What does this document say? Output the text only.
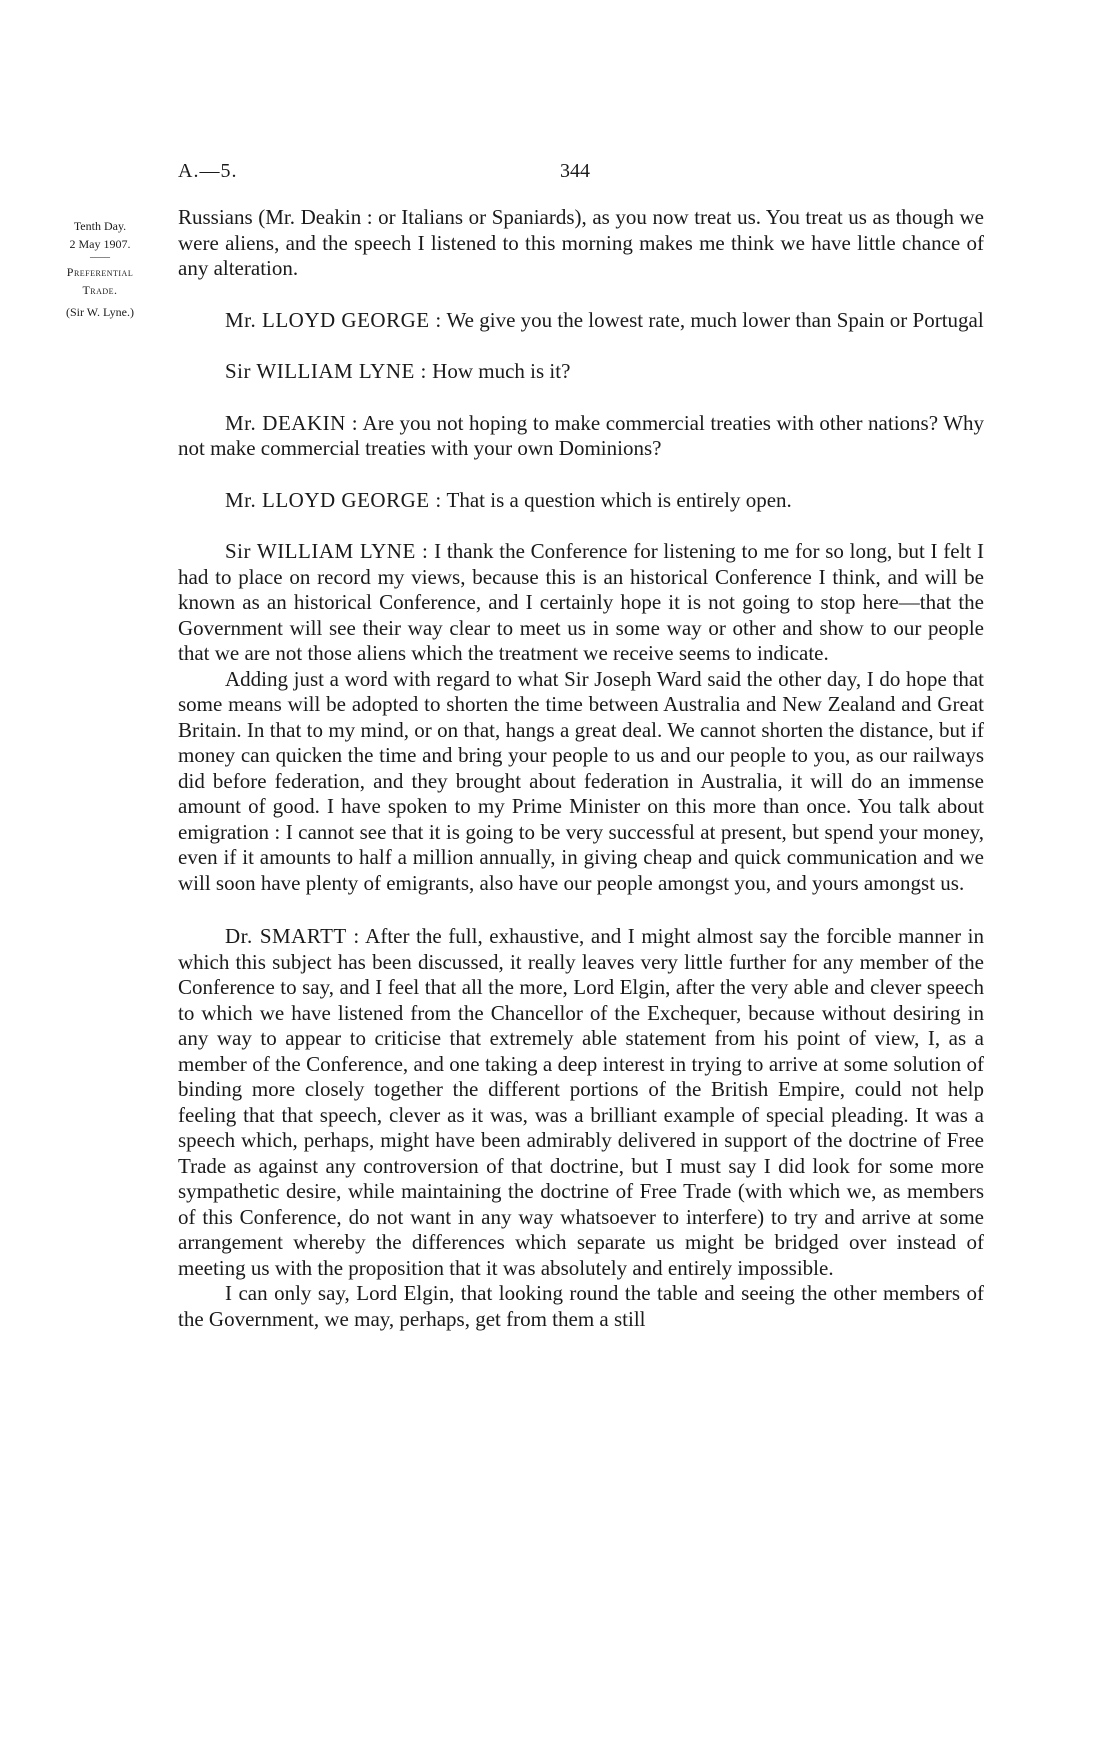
A.—5.	344
Tenth Day.
2 May 1907.
——
Preferential
Trade.
(Sir W. Lyne.)

Russians (Mr. Deakin : or Italians or Spaniards), as you now treat us. You treat us as though we were aliens, and the speech I listened to this morning makes me think we have little chance of any alteration.

Mr. LLOYD GEORGE : We give you the lowest rate, much lower than Spain or Portugal

Sir WILLIAM LYNE : How much is it?

Mr. DEAKIN : Are you not hoping to make commercial treaties with other nations? Why not make commercial treaties with your own Dominions?

Mr. LLOYD GEORGE : That is a question which is entirely open.

Sir WILLIAM LYNE : I thank the Conference for listening to me for so long, but I felt I had to place on record my views, because this is an historical Conference I think, and will be known as an historical Conference, and I certainly hope it is not going to stop here—that the Government will see their way clear to meet us in some way or other and show to our people that we are not those aliens which the treatment we receive seems to indicate.

Adding just a word with regard to what Sir Joseph Ward said the other day, I do hope that some means will be adopted to shorten the time between Australia and New Zealand and Great Britain. In that to my mind, or on that, hangs a great deal. We cannot shorten the distance, but if money can quicken the time and bring your people to us and our people to you, as our railways did before federation, and they brought about federation in Australia, it will do an immense amount of good. I have spoken to my Prime Minister on this more than once. You talk about emigration : I cannot see that it is going to be very successful at present, but spend your money, even if it amounts to half a million annually, in giving cheap and quick communication and we will soon have plenty of emigrants, also have our people amongst you, and yours amongst us.

Dr. SMARTT : After the full, exhaustive, and I might almost say the forcible manner in which this subject has been discussed, it really leaves very little further for any member of the Conference to say, and I feel that all the more, Lord Elgin, after the very able and clever speech to which we have listened from the Chancellor of the Exchequer, because without desiring in any way to appear to criticise that extremely able statement from his point of view, I, as a member of the Conference, and one taking a deep interest in trying to arrive at some solution of binding more closely together the different portions of the British Empire, could not help feeling that that speech, clever as it was, was a brilliant example of special pleading. It was a speech which, perhaps, might have been admirably delivered in support of the doctrine of Free Trade as against any controversion of that doctrine, but I must say I did look for some more sympathetic desire, while maintaining the doctrine of Free Trade (with which we, as members of this Conference, do not want in any way whatsoever to interfere) to try and arrive at some arrangement whereby the differences which separate us might be bridged over instead of meeting us with the proposition that it was absolutely and entirely impossible.

I can only say, Lord Elgin, that looking round the table and seeing the other members of the Government, we may, perhaps, get from them a still
